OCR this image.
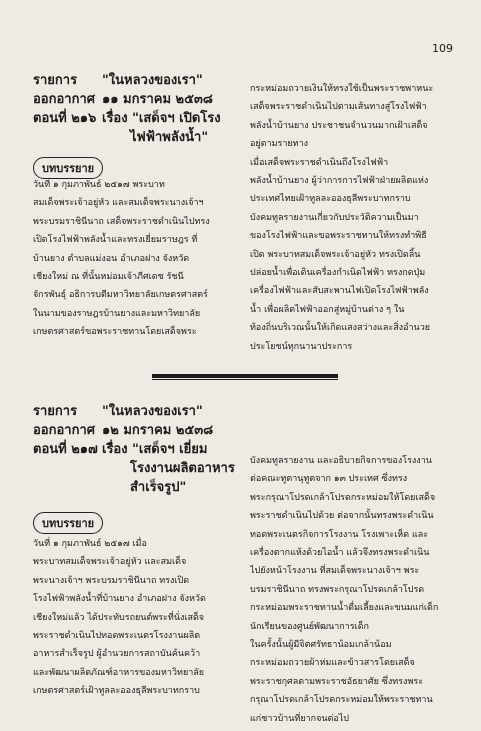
109
รายการ "ในหลวงของเรา"
ออกอากาศ ๑๑ มกราคม ๒๕๓๘
ตอนที่ ๒๑๖ เรื่อง "เสด็จฯ เปิดโรง
ไฟฟ้าพลังน้ำ"
บทบรรยาย
วันที่ ๑ กุมภาพันธ์ ๒๕๑๗ พระบาท
สมเด็จพระเจ้าอยู่หัว และสมเด็จพระนางเจ้าฯ
พระบรมราชินีนาถ เสด็จพระราชดำเนินไปทรง
เปิดโรงไฟฟ้าพลังน้ำและทรงเยี่ยมราษฎร ที่
บ้านยาง ตำบลแม่งอน อำเภอฝาง จังหวัด
เชียงใหม่ ณ ที่นั้นหม่อมเจ้าภีศเดช รัชนี
จักรพันธุ์ อธิการบดีมหาวิทยาลัยเกษตรศาสตร์
ในนามของราษฎรบ้านยางและมหาวิทยาลัย
เกษตรศาสตร์ขอพระราชทานโดยเสด็จพระ
กระหม่อมถวายเงินให้ทรงใช้เป็นพระราชพาหนะ
เสด็จพระราชดำเนินไปตามเส้นทางสู่โรงไฟฟ้า
พลังน้ำบ้านยาง ประชาชนจำนวนมากเฝ้าเสด็จ
อยู่ตามรายทาง
เมื่อเสด็จพระราชดำเนินถึงโรงไฟฟ้า
พลังน้ำบ้านยาง ผู้ว่าการการไฟฟ้าฝ่ายผลิตแห่ง
ประเทศไทยเฝ้าทูลละอองธุลีพระบาทกราบ
บังคมทูลรายงานเกี่ยวกับประวัติความเป็นมา
ของโรงไฟฟ้าและขอพระราชทานให้ทรงทำพิธี
เปิด พระบาทสมเด็จพระเจ้าอยู่หัว ทรงเปิดลิ้น
ปล่อยน้ำเพื่อเดินเครื่องกำเนิดไฟฟ้า ทรงกดปุ่ม
เครื่องไฟฟ้าและสับสะพานไฟเปิดโรงไฟฟ้าพลัง
น้ำ เพื่อผลิตไฟฟ้าออกสู่หมู่บ้านต่าง ๆ ใน
ท้องถิ่นบริเวณนั้นให้เกิดแสงสว่างและสิ่งอำนวย
ประโยชน์ทุกนานาประการ
รายการ "ในหลวงของเรา"
ออกอากาศ ๑๒ มกราคม ๒๕๓๘
ตอนที่ ๒๑๗ เรื่อง "เสด็จฯ เยี่ยม
โรงงานผลิตอาหาร
สำเร็จรูป"
บทบรรยาย
วันที่ ๑ กุมภาพันธ์ ๒๕๑๗ เมื่อ
พระบาทสมเด็จพระเจ้าอยู่หัว และสมเด็จ
พระนางเจ้าฯ พระบรมราชินีนาถ ทรงเปิด
โรงไฟฟ้าพลังน้ำที่บ้านยาง อำเภอฝาง จังหวัด
เชียงใหม่แล้ว ได้ประทับรถยนต์พระที่นั่งเสด็จ
พระราชดำเนินไปทอดพระเนตรโรงงานผลิต
อาหารสำเร็จรูป ผู้อำนวยการสถาบันค้นคว้า
และพัฒนาผลิตภัณฑ์อาหารของมหาวิทยาลัย
เกษตรศาสตร์เฝ้าทูลละอองธุลีพระบาทกราบ
บังคมทูลรายงาน และอธิบายกิจการของโรงงาน
ต่อคณะทูตานุทูตจาก ๑๓ ประเทศ ซึ่งทรง
พระกรุณาโปรดเกล้าโปรดกระหม่อมให้โดยเสด็จ
พระราชดำเนินไปด้วย ต่อจากนั้นทรงพระดำเนิน
ทอดพระเนตรกิจการโรงงาน โรงเพาะเห็ด และ
เครื่องตากแห้งด้วยไอน้ำ แล้วจึงทรงพระดำเนิน
ไปยังหน้าโรงงาน ที่สมเด็จพระนางเจ้าฯ พระ
บรมราชินีนาถ ทรงพระกรุณาโปรดเกล้าโปรด
กระหม่อมพระราชทานน้ำดื่มเลี้ยงและขนมแก่เด็ก
นักเรียนของศูนย์พัฒนาการเด็ก
ในครั้งนั้นผู้มีจิตศรัทธาน้อมเกล้าน้อม
กระหม่อมถวายผ้าห่มและข้าวสารโดยเสด็จ
พระราชกุศลตามพระราชอัธยาศัย ซึ่งทรงพระ
กรุณาโปรดเกล้าโปรดกระหม่อมให้พระราชทาน
แก่ชาวบ้านที่ยากจนต่อไป
